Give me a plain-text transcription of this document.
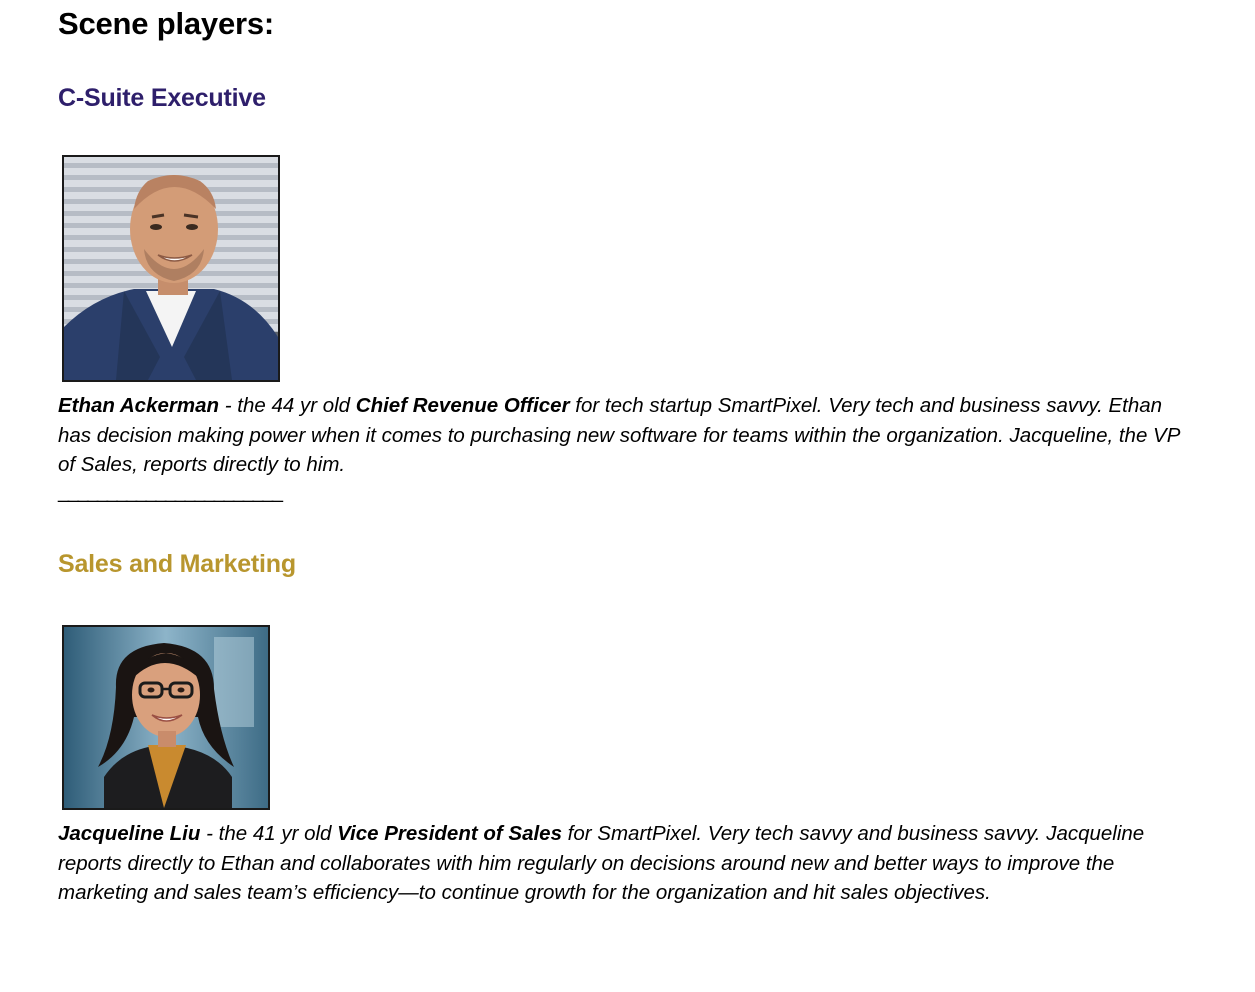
Scene players:
C-Suite Executive

Ethan Ackerman - the 44 yr old Chief Revenue Officer for tech startup SmartPixel. Very tech and business savvy. Ethan has decision making power when it comes to purchasing new software for teams within the organization. Jacqueline, the VP of Sales, reports directly to him.

_______________________

Sales and Marketing

Jacqueline Liu - the 41 yr old Vice President of Sales for SmartPixel. Very tech savvy and business savvy. Jacqueline reports directly to Ethan and collaborates with him regularly on decisions around new and better ways to improve the marketing and sales team’s efficiency—to continue growth for the organization and hit sales objectives.
